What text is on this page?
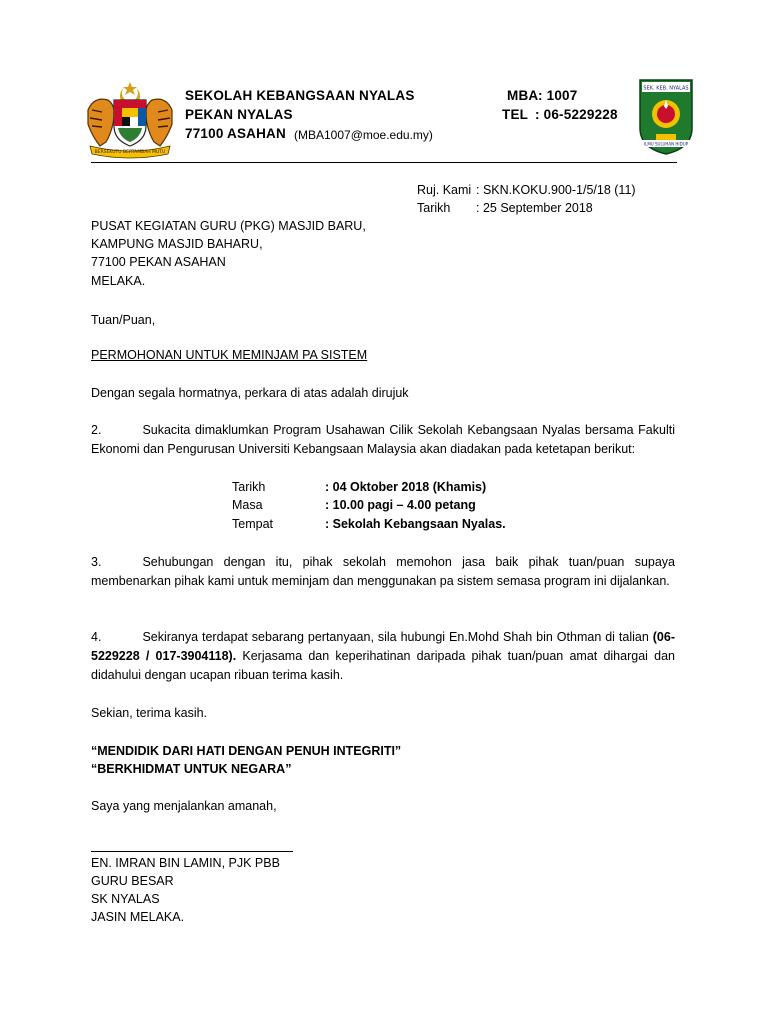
BERSEKUTU BERTAMBAH MUTU
SEKOLAH KEBANGSAAN NYALAS
PEKAN NYALAS
77100 ASAHAN (MBA1007@moe.edu.my)
MBA : 1007
TEL : 06-5229228
SEK. KEB. NYALAS
ILMU SULUHAN HIDUP
Ruj. Kami : SKN.KOKU.900-1/5/18 (11)
Tarikh : 25 September 2018
PUSAT KEGIATAN GURU (PKG) MASJID BARU,
KAMPUNG MASJID BAHARU,
77100 PEKAN ASAHAN
MELAKA.
Tuan/Puan,
PERMOHONAN UNTUK MEMINJAM PA SISTEM
Dengan segala hormatnya, perkara di atas adalah dirujuk
2.	Sukacita dimaklumkan Program Usahawan Cilik Sekolah Kebangsaan Nyalas bersama Fakulti Ekonomi dan Pengurusan Universiti Kebangsaan Malaysia akan diadakan pada ketetapan berikut:
Tarikh	: 04 Oktober 2018 (Khamis)
Masa	: 10.00 pagi – 4.00 petang
Tempat	: Sekolah Kebangsaan Nyalas.
3.	Sehubungan dengan itu, pihak sekolah memohon jasa baik pihak tuan/puan supaya membenarkan pihak kami untuk meminjam dan menggunakan pa sistem semasa program ini dijalankan.
4.	Sekiranya terdapat sebarang pertanyaan, sila hubungi En.Mohd Shah bin Othman di talian (06-5229228 / 017-3904118). Kerjasama dan keperihatinan daripada pihak tuan/puan amat dihargai dan didahului dengan ucapan ribuan terima kasih.
Sekian, terima kasih.
“MENDIDIK DARI HATI DENGAN PENUH INTEGRITI”
“BERKHIDMAT UNTUK NEGARA”
Saya yang menjalankan amanah,
EN. IMRAN BIN LAMIN, PJK PBB
GURU BESAR
SK NYALAS
JASIN MELAKA.
